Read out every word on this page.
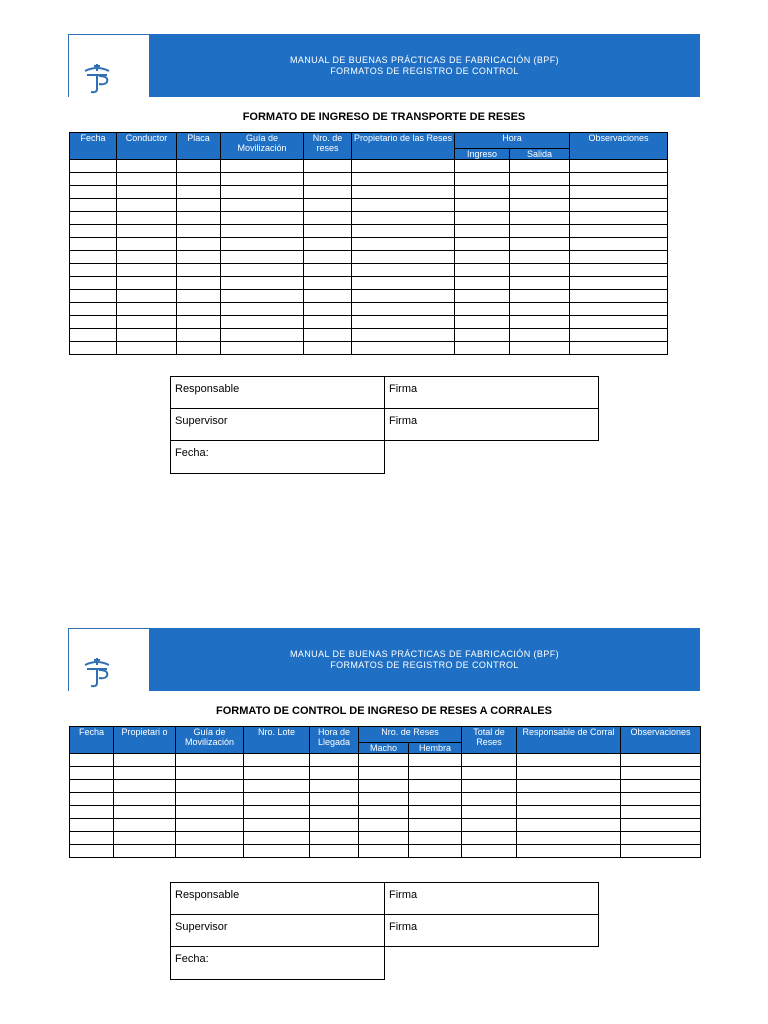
MANUAL DE BUENAS PRÁCTICAS DE FABRICACIÓN (BPF)
FORMATOS DE REGISTRO DE CONTROL
FORMATO DE INGRESO DE TRANSPORTE DE RESES
Fecha	Conductor	Placa	Guía de Movilización	Nro. de reses	Propietario de las Reses	Hora		Observaciones
						Ingreso	Salida	

Responsable	Firma
Supervisor	Firma
Fecha:
MANUAL DE BUENAS PRÁCTICAS DE FABRICACIÓN (BPF)
FORMATOS DE REGISTRO DE CONTROL
FORMATO DE CONTROL DE INGRESO DE RESES A CORRALES
Fecha	Propietari o	Guía de Movilización	Nro. Lote	Hora de Llegada	Nro. de Reses		Total de Reses	Responsable de Corral	Observaciones
					Macho	Hembra			

Responsable	Firma
Supervisor	Firma
Fecha:
